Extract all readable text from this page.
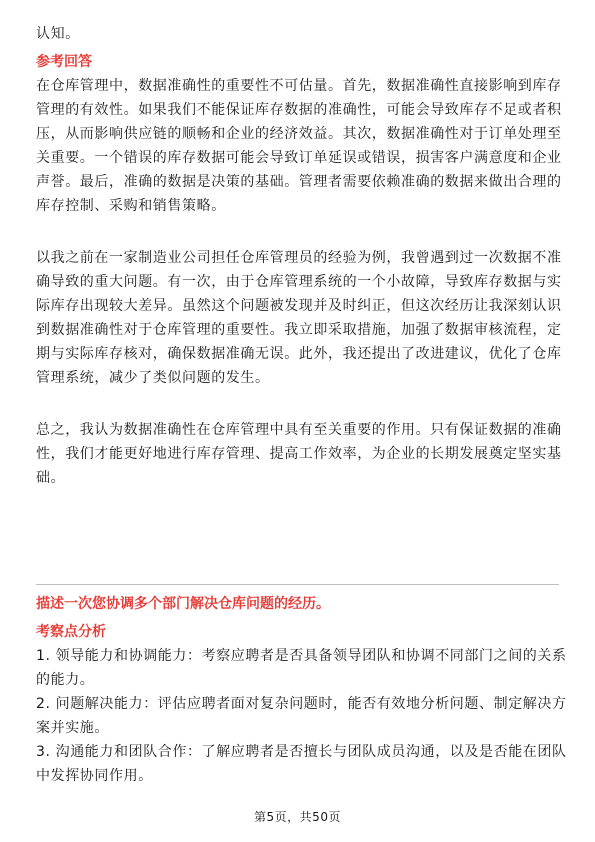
认知。
参考回答
在仓库管理中，数据准确性的重要性不可估量。首先，数据准确性直接影响到库存
管理的有效性。如果我们不能保证库存数据的准确性，可能会导致库存不足或者积
压，从而影响供应链的顺畅和企业的经济效益。其次，数据准确性对于订单处理至
关重要。一个错误的库存数据可能会导致订单延误或错误，损害客户满意度和企业
声誉。最后，准确的数据是决策的基础。管理者需要依赖准确的数据来做出合理的
库存控制、采购和销售策略。
以我之前在一家制造业公司担任仓库管理员的经验为例，我曾遇到过一次数据不准
确导致的重大问题。有一次，由于仓库管理系统的一个小故障，导致库存数据与实
际库存出现较大差异。虽然这个问题被发现并及时纠正，但这次经历让我深刻认识
到数据准确性对于仓库管理的重要性。我立即采取措施，加强了数据审核流程，定
期与实际库存核对，确保数据准确无误。此外，我还提出了改进建议，优化了仓库
管理系统，减少了类似问题的发生。
总之，我认为数据准确性在仓库管理中具有至关重要的作用。只有保证数据的准确
性，我们才能更好地进行库存管理、提高工作效率，为企业的长期发展奠定坚实基
础。
描述一次您协调多个部门解决仓库问题的经历。
考察点分析
1. 领导能力和协调能力：考察应聘者是否具备领导团队和协调不同部门之间的关系
的能力。
2. 问题解决能力：评估应聘者面对复杂问题时，能否有效地分析问题、制定解决方
案并实施。
3. 沟通能力和团队合作：了解应聘者是否擅长与团队成员沟通，以及是否能在团队
中发挥协同作用。
第5页，共50页
